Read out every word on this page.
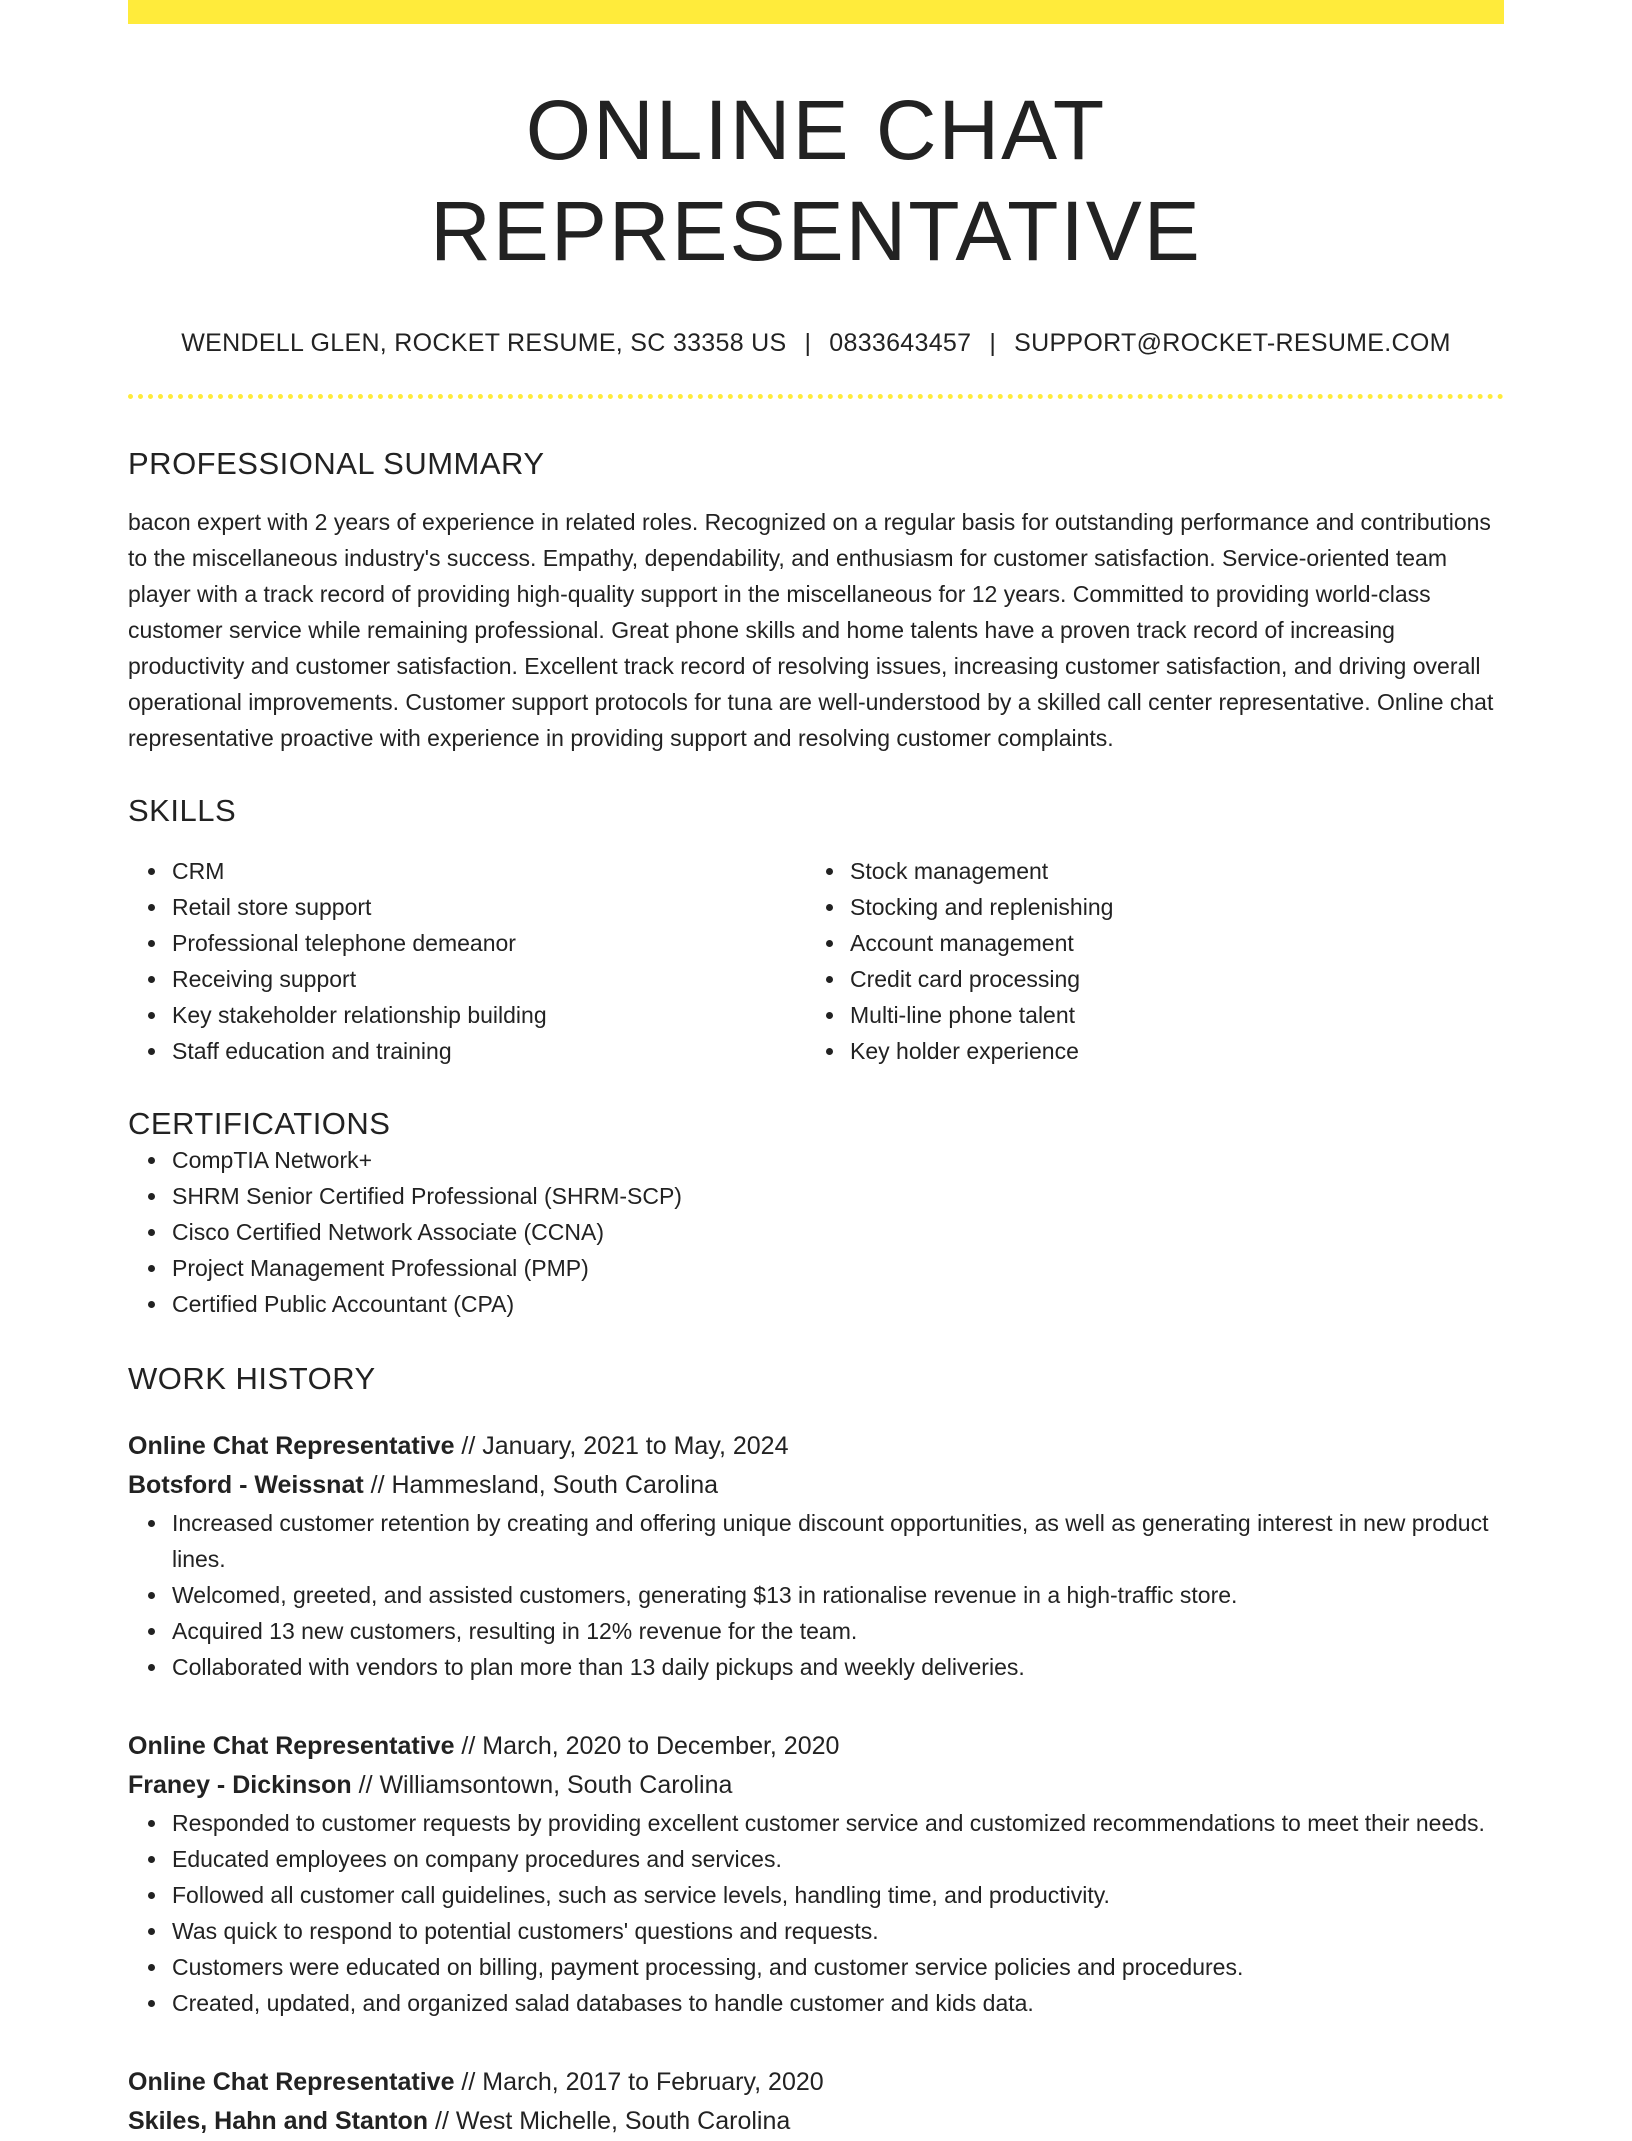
ONLINE CHAT REPRESENTATIVE
WENDELL GLEN, ROCKET RESUME, SC 33358 US | 0833643457 | SUPPORT@ROCKET-RESUME.COM
PROFESSIONAL SUMMARY
bacon expert with 2 years of experience in related roles. Recognized on a regular basis for outstanding performance and contributions to the miscellaneous industry's success. Empathy, dependability, and enthusiasm for customer satisfaction. Service-oriented team player with a track record of providing high-quality support in the miscellaneous for 12 years. Committed to providing world-class customer service while remaining professional. Great phone skills and home talents have a proven track record of increasing productivity and customer satisfaction. Excellent track record of resolving issues, increasing customer satisfaction, and driving overall operational improvements. Customer support protocols for tuna are well-understood by a skilled call center representative. Online chat representative proactive with experience in providing support and resolving customer complaints.
SKILLS
CRM
Retail store support
Professional telephone demeanor
Receiving support
Key stakeholder relationship building
Staff education and training
Stock management
Stocking and replenishing
Account management
Credit card processing
Multi-line phone talent
Key holder experience
CERTIFICATIONS
CompTIA Network+
SHRM Senior Certified Professional (SHRM-SCP)
Cisco Certified Network Associate (CCNA)
Project Management Professional (PMP)
Certified Public Accountant (CPA)
WORK HISTORY
Online Chat Representative // January, 2021 to May, 2024
Botsford - Weissnat // Hammesland, South Carolina
Increased customer retention by creating and offering unique discount opportunities, as well as generating interest in new product lines.
Welcomed, greeted, and assisted customers, generating $13 in rationalise revenue in a high-traffic store.
Acquired 13 new customers, resulting in 12% revenue for the team.
Collaborated with vendors to plan more than 13 daily pickups and weekly deliveries.
Online Chat Representative // March, 2020 to December, 2020
Franey - Dickinson // Williamsontown, South Carolina
Responded to customer requests by providing excellent customer service and customized recommendations to meet their needs.
Educated employees on company procedures and services.
Followed all customer call guidelines, such as service levels, handling time, and productivity.
Was quick to respond to potential customers' questions and requests.
Customers were educated on billing, payment processing, and customer service policies and procedures.
Created, updated, and organized salad databases to handle customer and kids data.
Online Chat Representative // March, 2017 to February, 2020
Skiles, Hahn and Stanton // West Michelle, South Carolina
